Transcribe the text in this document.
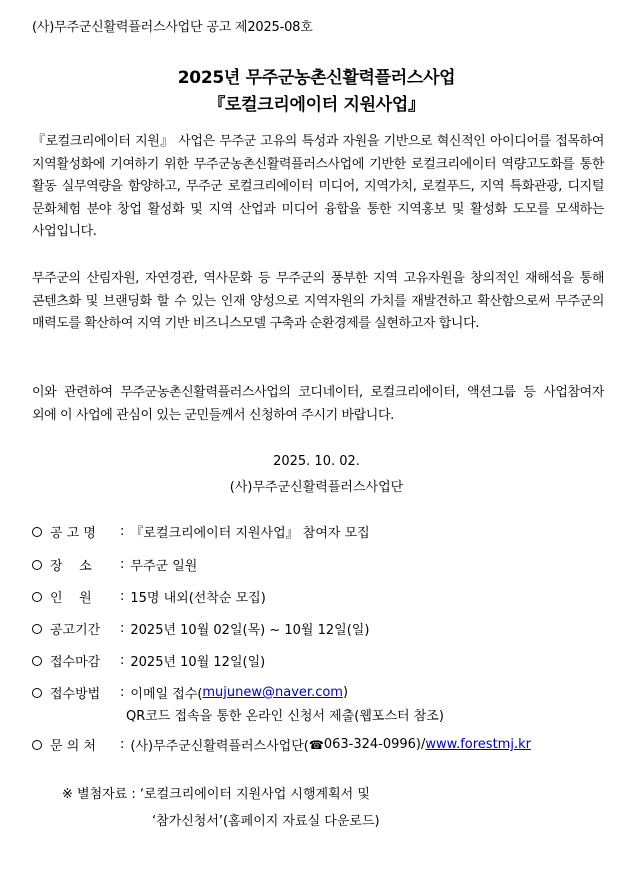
(사)무주군신활력플러스사업단 공고 제2025-08호
2025년 무주군농촌신활력플러스사업
『로컬크리에이터 지원사업』
『로컬크리에이터 지원』 사업은 무주군 고유의 특성과 자원을 기반으로 혁신적인 아이디어를 접목하여 지역활성화에 기여하기 위한 무주군농촌신활력플러스사업에 기반한 로컬크리에이터 역량고도화를 통한 활동 실무역량을 함양하고, 무주군 로컬크리에이터 미디어, 지역가치, 로컬푸드, 지역 특화관광, 디지털 문화체험 분야 창업 활성화 및 지역 산업과 미디어 융합을 통한 지역홍보 및 활성화 도모를 모색하는 사업입니다.
무주군의 산림자원, 자연경관, 역사문화 등 무주군의 풍부한 지역 고유자원을 창의적인 재해석을 통해 콘텐츠화 및 브랜딩화 할 수 있는 인재 양성으로 지역자원의 가치를 재발견하고 확산함으로써 무주군의 매력도를 확산하여 지역 기반 비즈니스모델 구축과 순환경제를 실현하고자 합니다.
이와 관련하여 무주군농촌신활력플러스사업의 코디네이터, 로컬크리에이터, 액션그룹 등 사업참여자 외에 이 사업에 관심이 있는 군민들께서 신청하여 주시기 바랍니다.
2025. 10. 02.
(사)무주군신활력플러스사업단
공 고 명	: 『로컬크리에이터 지원사업』 참여자 모집
장    소	: 무주군 일원
인    원	: 15명 내외(선착순 모집)
공고기간	: 2025년 10월 02일(목) ~ 10월 12일(일)
접수마감	: 2025년 10월 12일(일)
접수방법	: 이메일 접수( mujunew@naver.com )
QR코드 접속을 통한 온라인 신청서 제출(웹포스터 참조)
문 의 처	: (사)무주군신활력플러스사업단( ☎ 063-324-0996 )/ www.forestmj.kr
※ 별첨자료 : ‘로컬크리에이터 지원사업 시행계획서 및
‘참가신청서’(홈페이지 자료실 다운로드)
